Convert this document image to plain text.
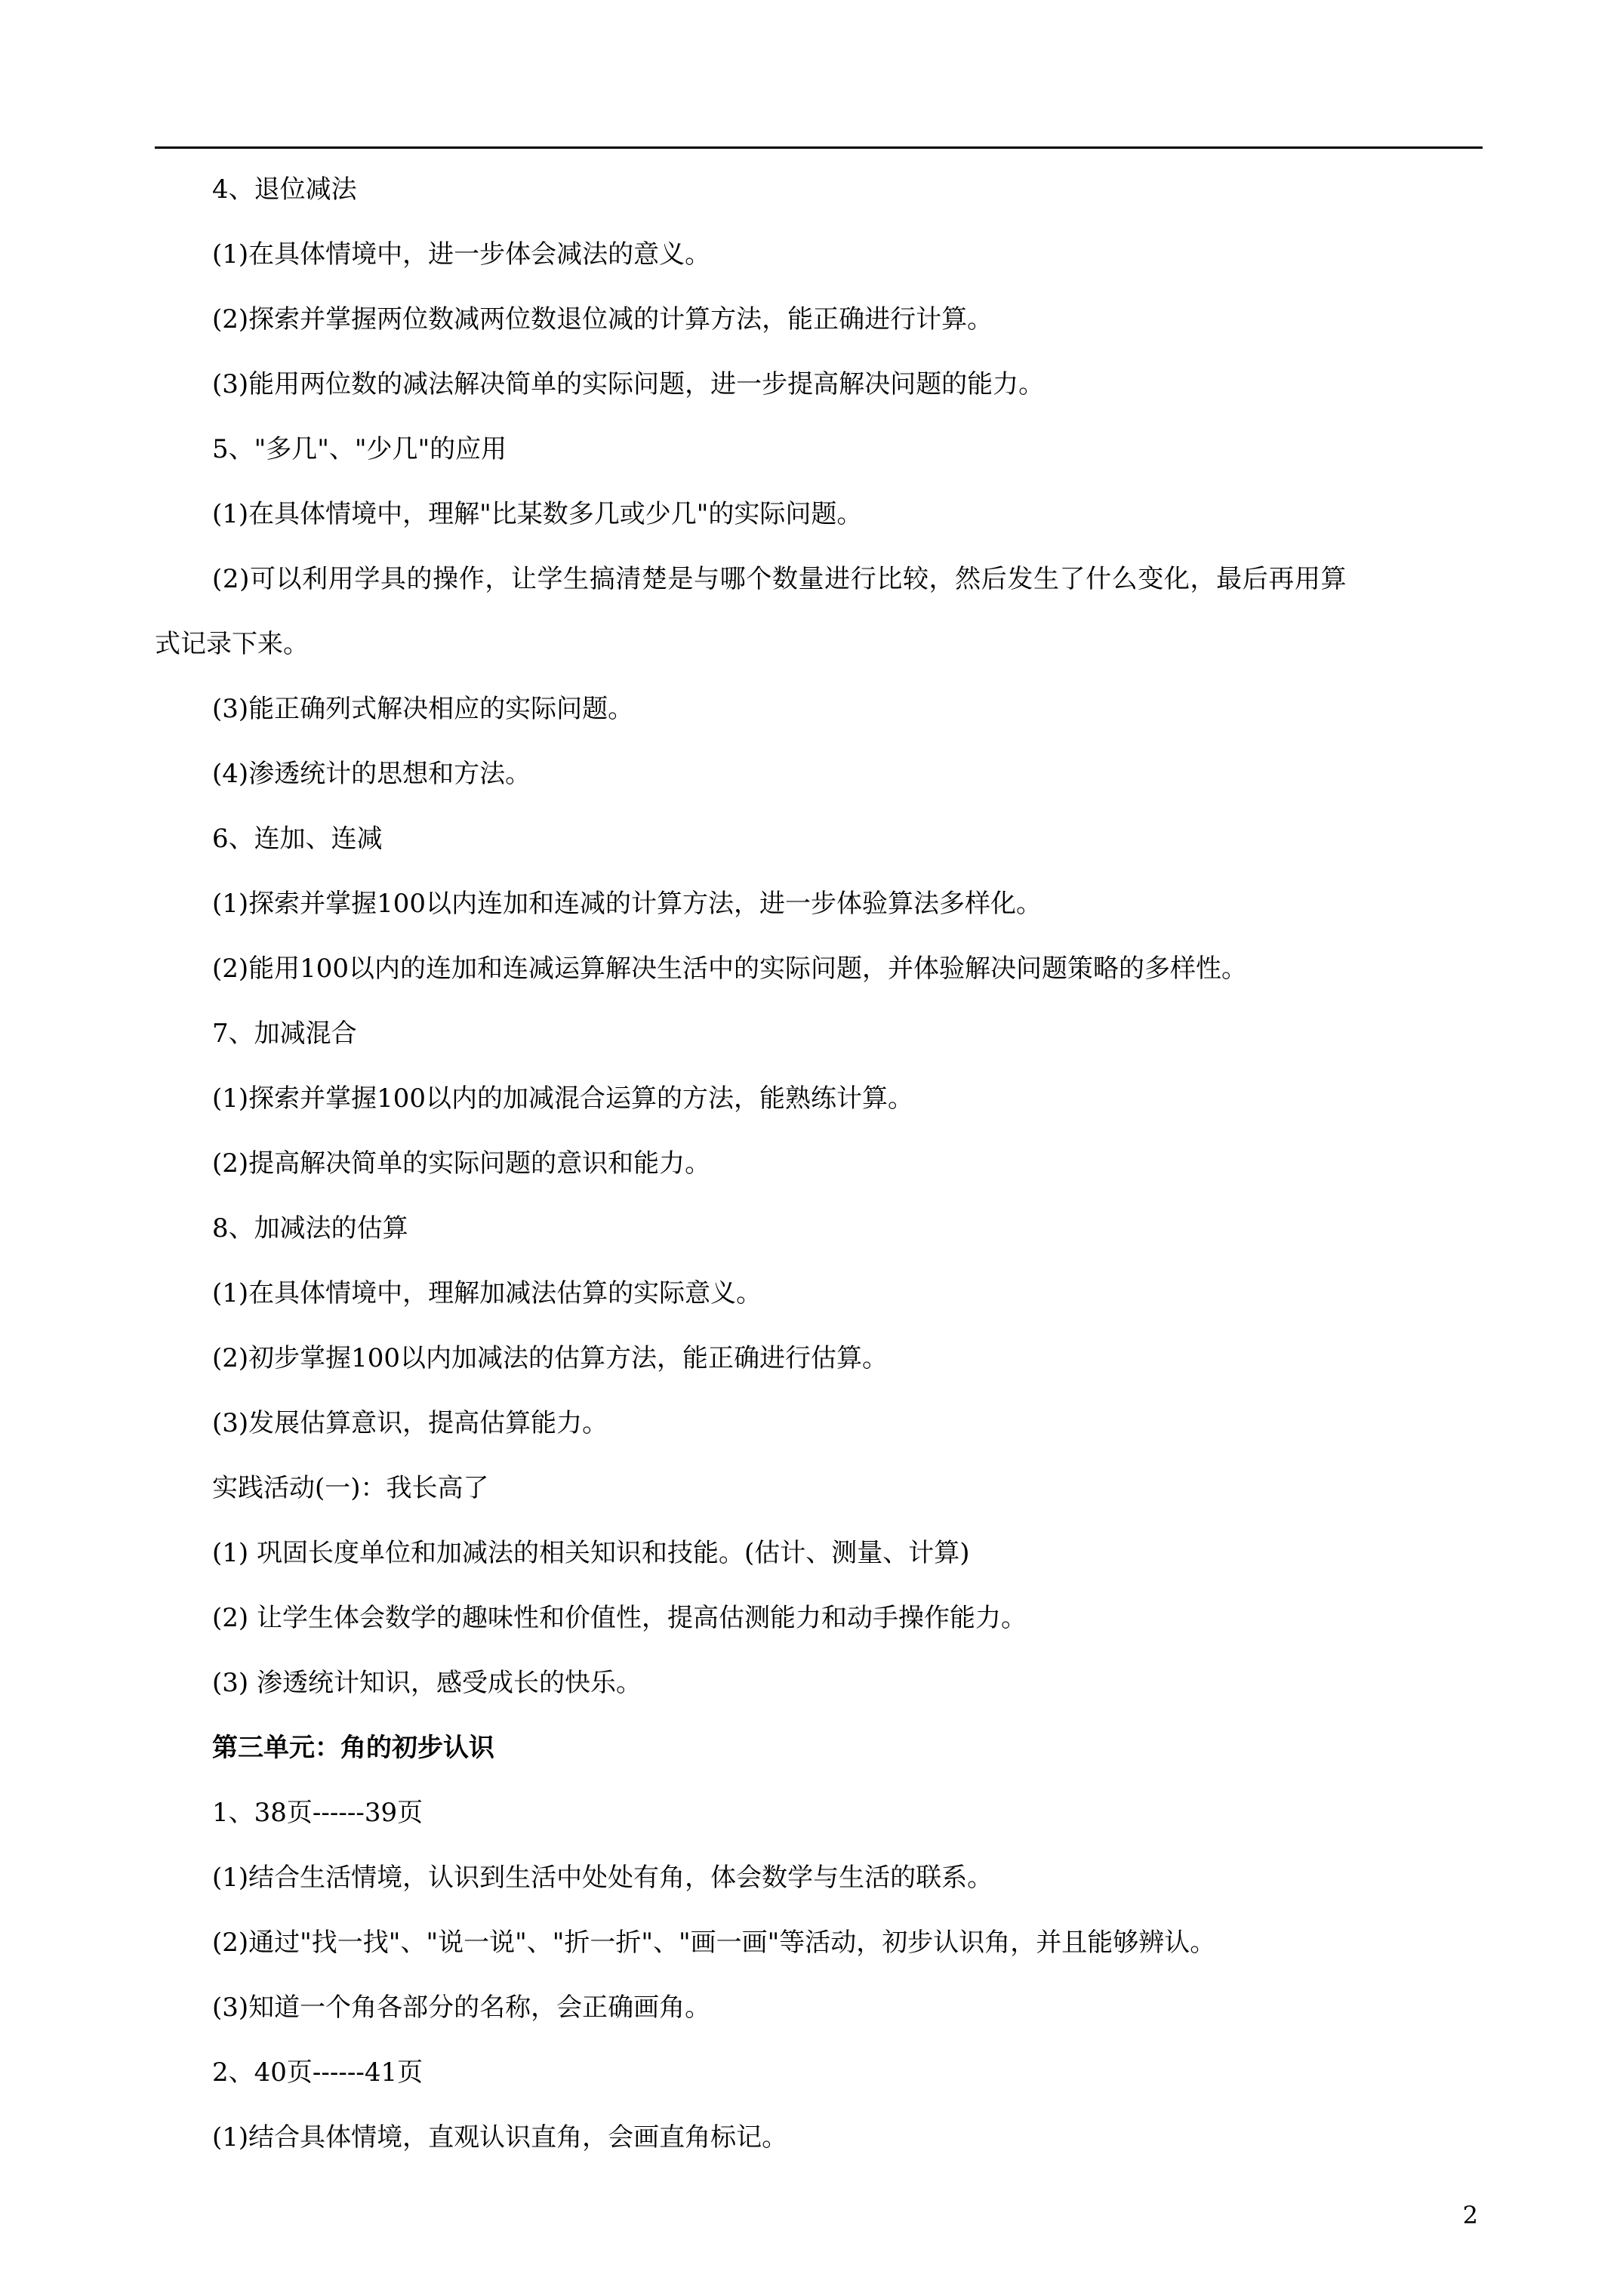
4、退位减法
(1)在具体情境中，进一步体会减法的意义。
(2)探索并掌握两位数减两位数退位减的计算方法，能正确进行计算。
(3)能用两位数的减法解决简单的实际问题，进一步提高解决问题的能力。
5、"多几"、"少几"的应用
(1)在具体情境中，理解"比某数多几或少几"的实际问题。
(2)可以利用学具的操作，让学生搞清楚是与哪个数量进行比较，然后发生了什么变化，最后再用算
式记录下来。
(3)能正确列式解决相应的实际问题。
(4)渗透统计的思想和方法。
6、连加、连减
(1)探索并掌握100以内连加和连减的计算方法，进一步体验算法多样化。
(2)能用100以内的连加和连减运算解决生活中的实际问题，并体验解决问题策略的多样性。
7、加减混合
(1)探索并掌握100以内的加减混合运算的方法，能熟练计算。
(2)提高解决简单的实际问题的意识和能力。
8、加减法的估算
(1)在具体情境中，理解加减法估算的实际意义。
(2)初步掌握100以内加减法的估算方法，能正确进行估算。
(3)发展估算意识，提高估算能力。
实践活动(一)：我长高了
(1) 巩固长度单位和加减法的相关知识和技能。(估计、测量、计算)
(2) 让学生体会数学的趣味性和价值性，提高估测能力和动手操作能力。
(3) 渗透统计知识，感受成长的快乐。
第三单元：角的初步认识
1、38页------39页
(1)结合生活情境，认识到生活中处处有角，体会数学与生活的联系。
(2)通过"找一找"、"说一说"、"折一折"、"画一画"等活动，初步认识角，并且能够辨认。
(3)知道一个角各部分的名称，会正确画角。
2、40页------41页
(1)结合具体情境，直观认识直角，会画直角标记。
2
